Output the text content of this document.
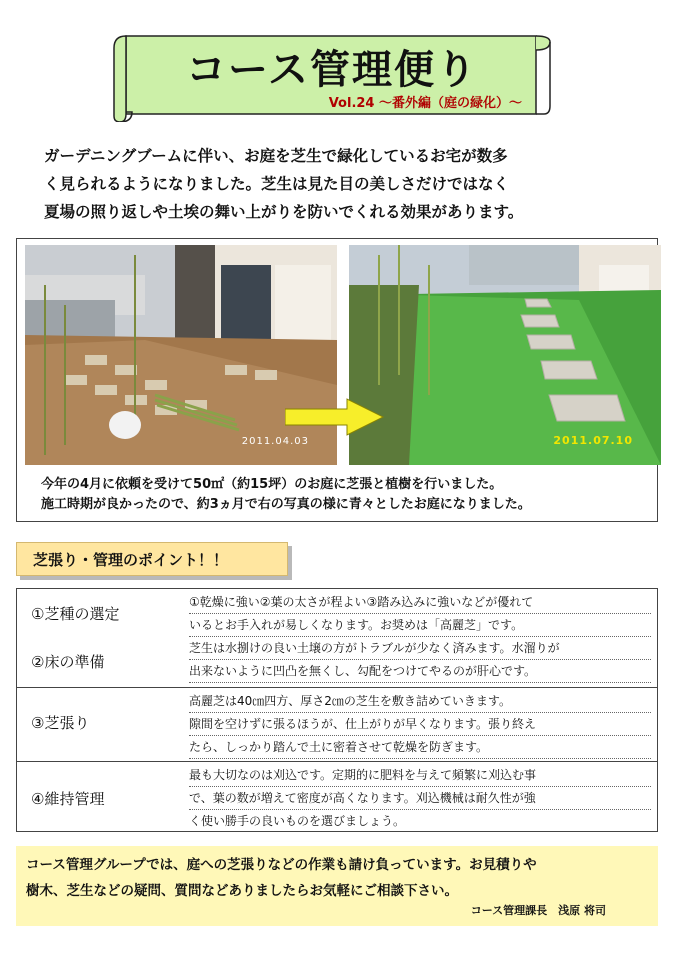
コース管理便り
Vol.24 ～番外編（庭の緑化）～
ガーデニングブームに伴い、お庭を芝生で緑化しているお宅が数多
く見られるようになりました。芝生は見た目の美しさだけではなく
夏場の照り返しや土埃の舞い上がりを防いでくれる効果があります。
2011.04.03	2011.07.10
今年の4月に依頼を受けて50㎡（約15坪）のお庭に芝張と植樹を行いました。
施工時期が良かったので、約3ヵ月で右の写真の様に青々としたお庭になりました。
芝張り・管理のポイント！！
①芝種の選定
①乾燥に強い②葉の太さが程よい③踏み込みに強いなどが優れて
いるとお手入れが易しくなります。お奨めは「高麗芝」です。
②床の準備
芝生は水捌けの良い土壌の方がトラブルが少なく済みます。水溜りが
出来ないように凹凸を無くし、勾配をつけてやるのが肝心です。
③芝張り
高麗芝は40㎝四方、厚さ2㎝の芝生を敷き詰めていきます。
隙間を空けずに張るほうが、仕上がりが早くなります。張り終え
たら、しっかり踏んで土に密着させて乾燥を防ぎます。
④維持管理
最も大切なのは刈込です。定期的に肥料を与えて頻繁に刈込む事
で、葉の数が増えて密度が高くなります。刈込機械は耐久性が強
く使い勝手の良いものを選びましょう。
コース管理グループでは、庭への芝張りなどの作業も請け負っています。お見積りや
樹木、芝生などの疑問、質問などありましたらお気軽にご相談下さい。
コース管理課長　浅原 将司
